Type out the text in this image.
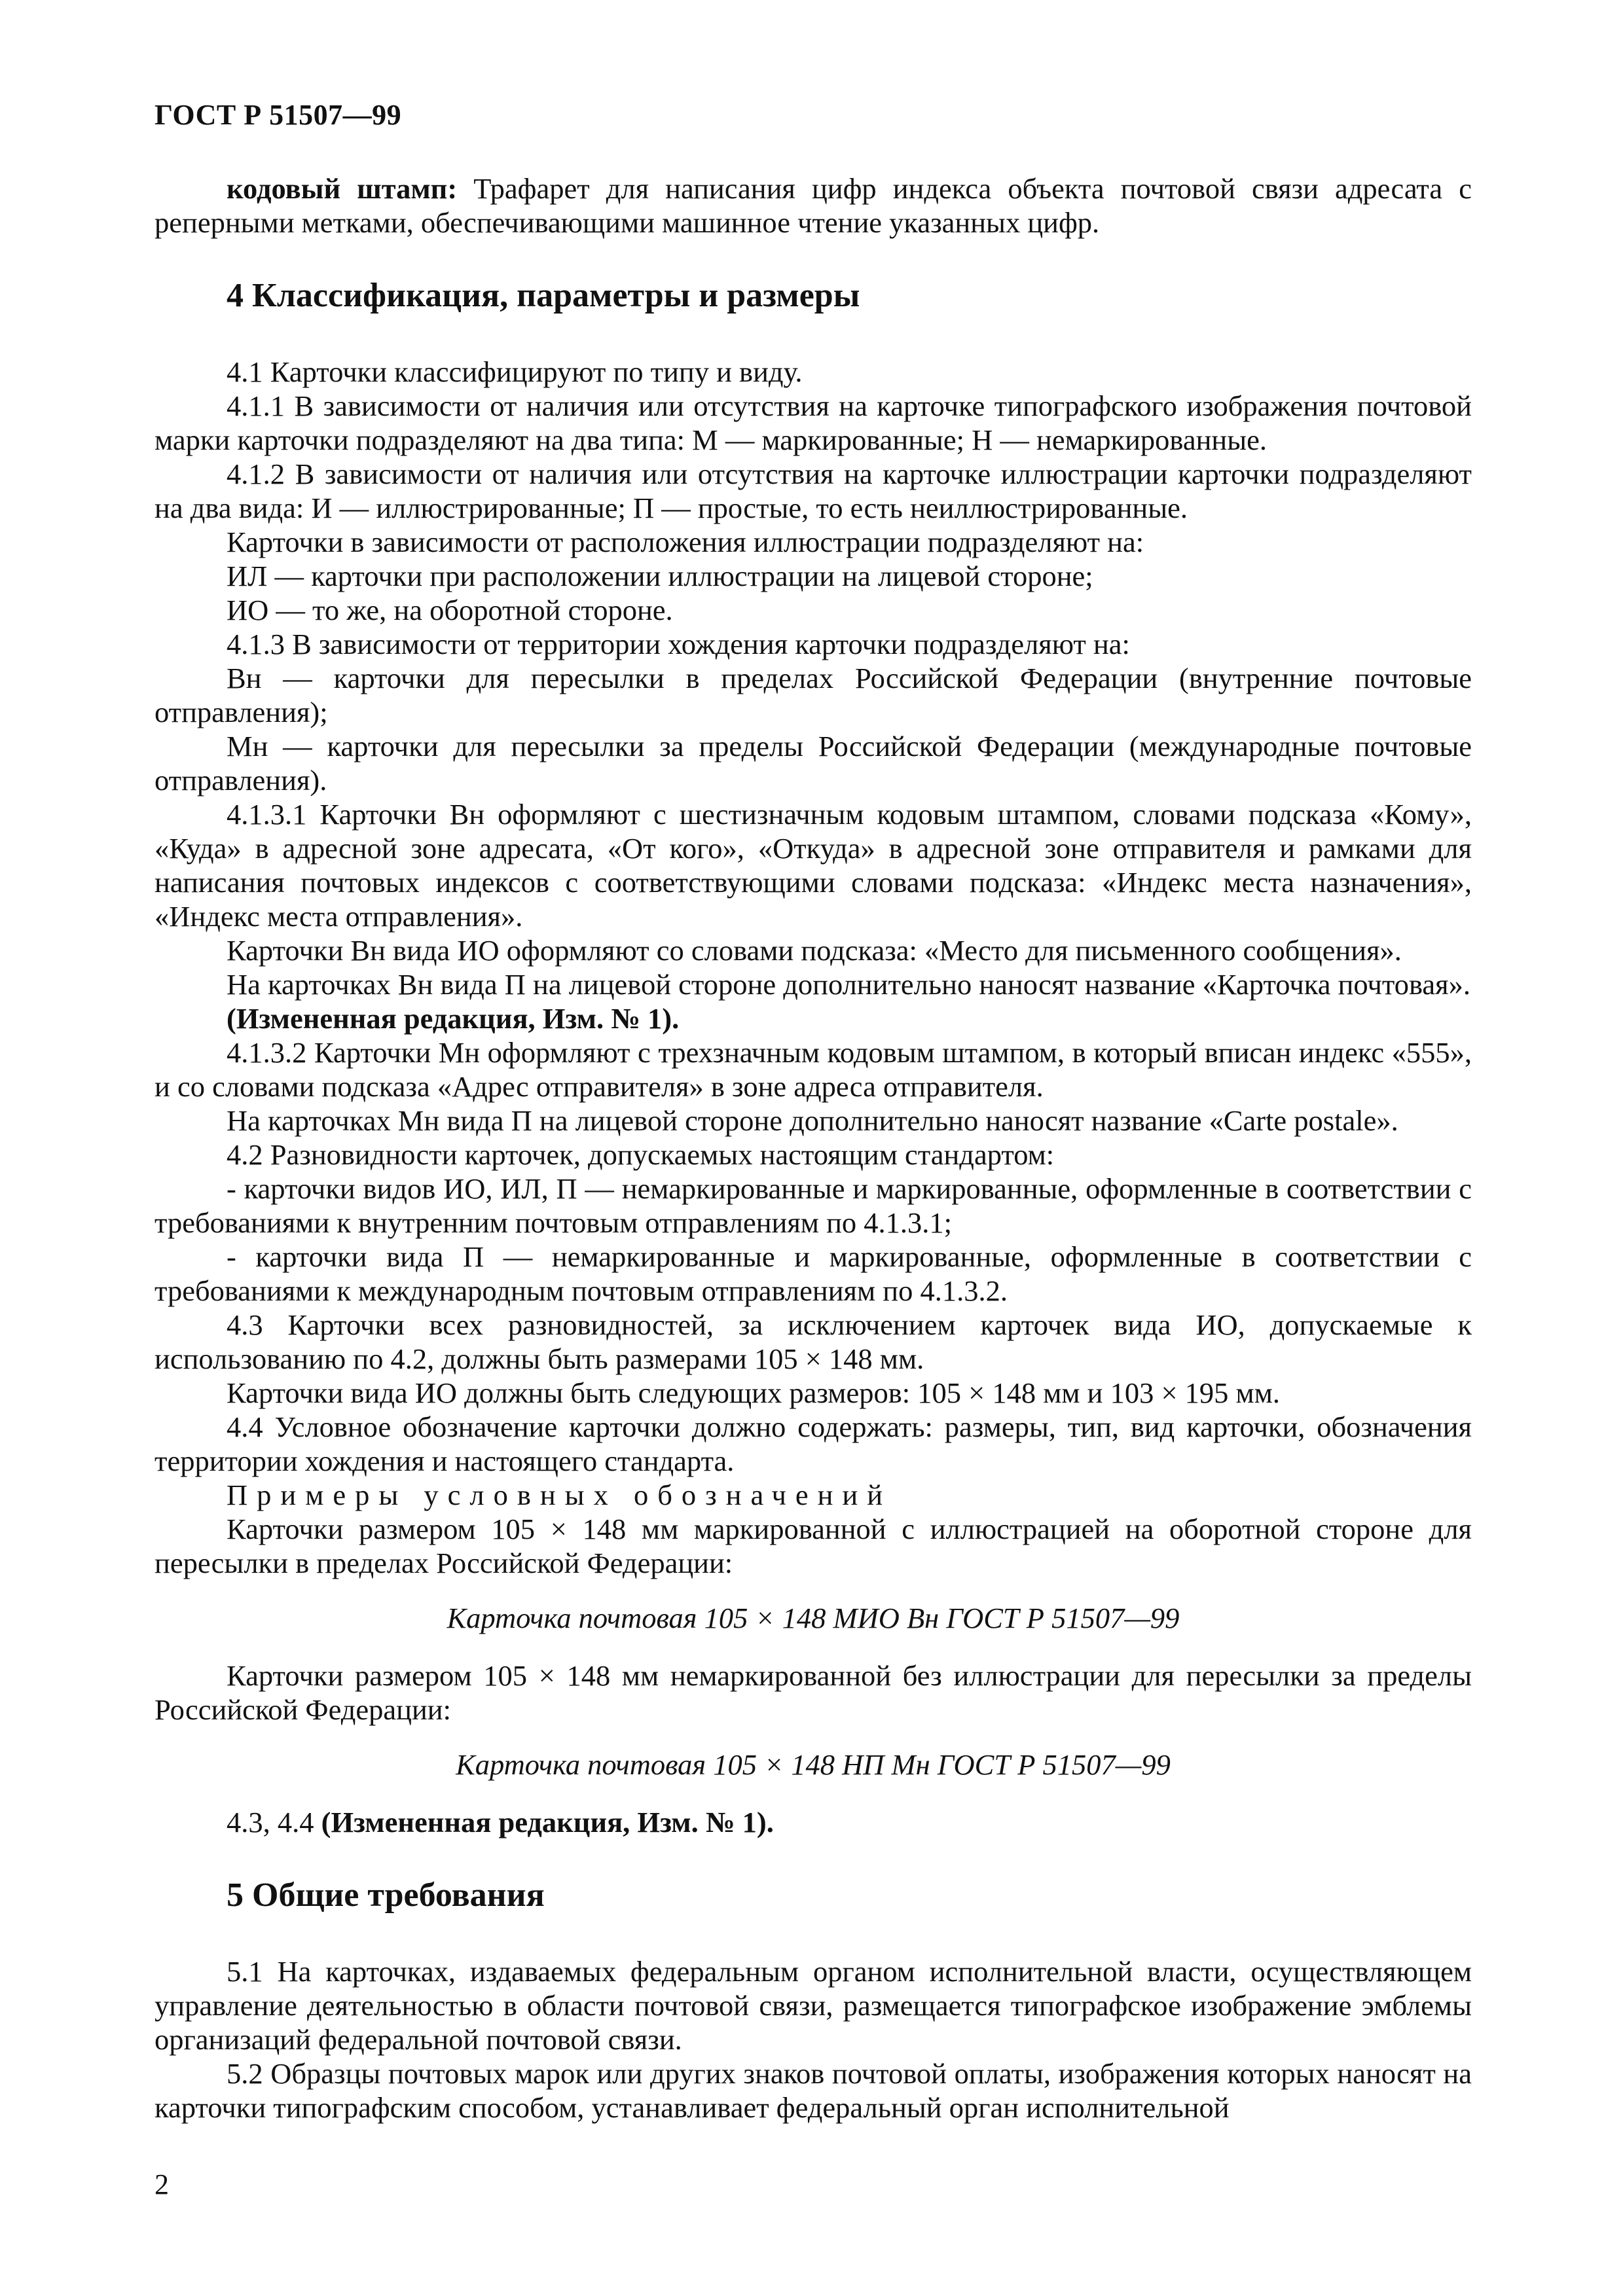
ГОСТ Р 51507—99

кодовый штамп: Трафарет для написания цифр индекса объекта почтовой связи адресата с реперными метками, обеспечивающими машинное чтение указанных цифр.

4 Классификация, параметры и размеры

4.1 Карточки классифицируют по типу и виду.

4.1.1 В зависимости от наличия или отсутствия на карточке типографского изображения почтовой марки карточки подразделяют на два типа: М — маркированные; Н — немаркированные.

4.1.2 В зависимости от наличия или отсутствия на карточке иллюстрации карточки подразделяют на два вида: И — иллюстрированные; П — простые, то есть неиллюстрированные.

Карточки в зависимости от расположения иллюстрации подразделяют на:

ИЛ — карточки при расположении иллюстрации на лицевой стороне;

ИО — то же, на оборотной стороне.

4.1.3 В зависимости от территории хождения карточки подразделяют на:

Вн — карточки для пересылки в пределах Российской Федерации (внутренние почтовые отправления);

Мн — карточки для пересылки за пределы Российской Федерации (международные почтовые отправления).

4.1.3.1 Карточки Вн оформляют с шестизначным кодовым штампом, словами подсказа «Кому», «Куда» в адресной зоне адресата, «От кого», «Откуда» в адресной зоне отправителя и рамками для написания почтовых индексов с соответствующими словами подсказа: «Индекс места назначения», «Индекс места отправления».

Карточки Вн вида ИО оформляют со словами подсказа: «Место для письменного сообщения».

На карточках Вн вида П на лицевой стороне дополнительно наносят название «Карточка почтовая».

(Измененная редакция, Изм. № 1).

4.1.3.2 Карточки Мн оформляют с трехзначным кодовым штампом, в который вписан индекс «555», и со словами подсказа «Адрес отправителя» в зоне адреса отправителя.

На карточках Мн вида П на лицевой стороне дополнительно наносят название «Carte postale».

4.2 Разновидности карточек, допускаемых настоящим стандартом:

- карточки видов ИО, ИЛ, П — немаркированные и маркированные, оформленные в соответствии с требованиями к внутренним почтовым отправлениям по 4.1.3.1;

- карточки вида П — немаркированные и маркированные, оформленные в соответствии с требованиями к международным почтовым отправлениям по 4.1.3.2.

4.3 Карточки всех разновидностей, за исключением карточек вида ИО, допускаемые к использованию по 4.2, должны быть размерами 105 × 148 мм.

Карточки вида ИО должны быть следующих размеров: 105 × 148 мм и 103 × 195 мм.

4.4 Условное обозначение карточки должно содержать: размеры, тип, вид карточки, обозначения территории хождения и настоящего стандарта.

Примеры условных обозначений

Карточки размером 105 × 148 мм маркированной с иллюстрацией на оборотной стороне для пересылки в пределах Российской Федерации:

Карточка почтовая 105 × 148 МИО Вн ГОСТ Р 51507—99

Карточки размером 105 × 148 мм немаркированной без иллюстрации для пересылки за пределы Российской Федерации:

Карточка почтовая 105 × 148 НП Мн ГОСТ Р 51507—99

4.3, 4.4 (Измененная редакция, Изм. № 1).

5 Общие требования

5.1 На карточках, издаваемых федеральным органом исполнительной власти, осуществляющем управление деятельностью в области почтовой связи, размещается типографское изображение эмблемы организаций федеральной почтовой связи.

5.2 Образцы почтовых марок или других знаков почтовой оплаты, изображения которых наносят на карточки типографским способом, устанавливает федеральный орган исполнительной

2
